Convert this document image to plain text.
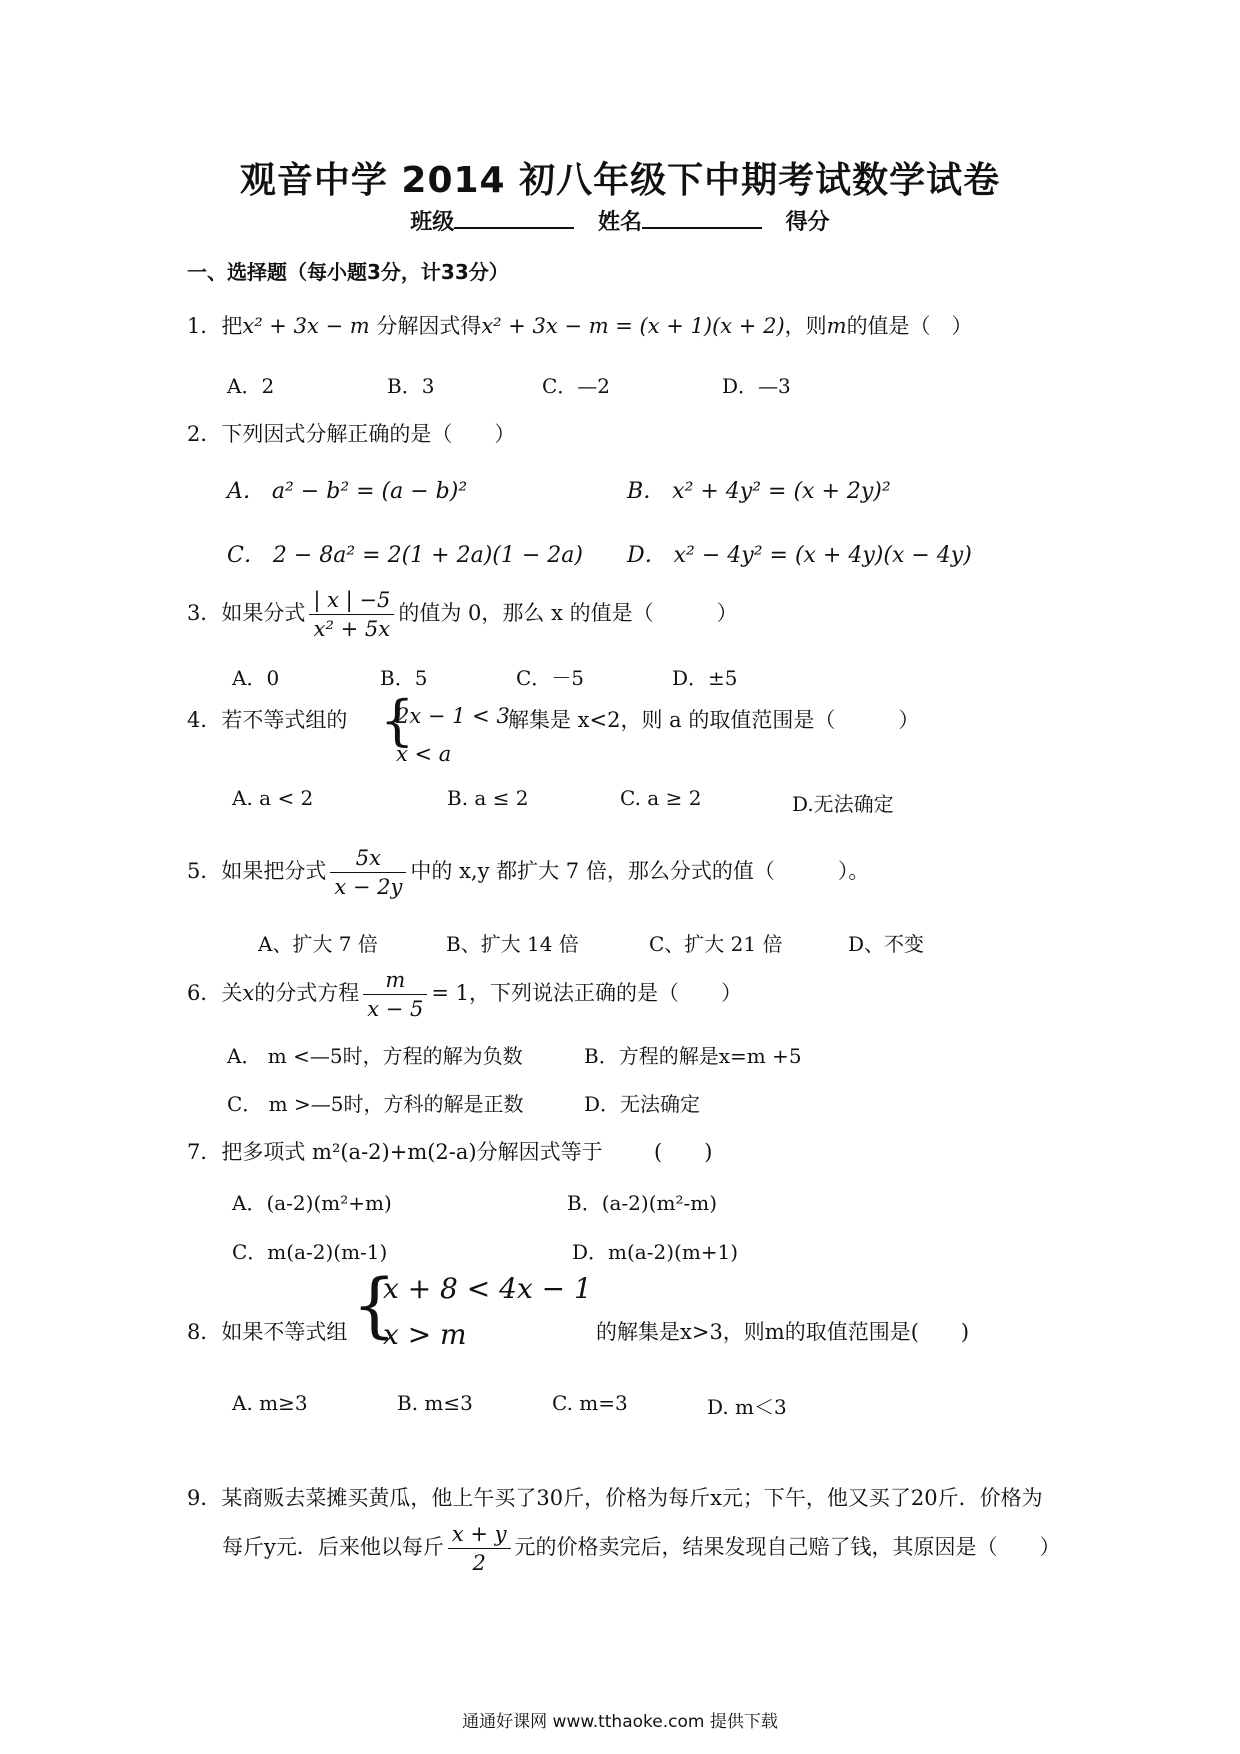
观音中学 2014 初八年级下中期考试数学试卷
班级	姓名	得分
一、选择题（每小题3分，计33分）
1．把x² + 3x − m 分解因式得x² + 3x − m = (x + 1)(x + 2)，则m的值是（　）
A．2	B．3	C．—2	D．—3
2．下列因式分解正确的是（　　）
A． a² − b² = (a − b)²	B． x² + 4y² = (x + 2y)²
C． 2 − 8a² = 2(1 + 2a)(1 − 2a) D． x² − 4y² = (x + 4y)(x − 4y)
3．如果分式 $\frac{| x | -5}{\text{x² + 5x}}$ 的值为 0，那么 x 的值是（　　　）
A．0	B．5	C．－5	D．±5
4．若不等式组的 {
2x − 1 < 3
x < a
解集是 x<2，则 a 的取值范围是（　　　）
A. a < 2	B. a ≤ 2	C. a ≥ 2	D.无法确定
5．如果把分式 $\frac{5x}{x - 2y}$ 中的 x,y 都扩大 7 倍，那么分式的值（　　　）。
A、扩大 7 倍	B、扩大 14 倍	C、扩大 21 倍	D、不变
6．关x的分式方程 $\frac{m}{x - 5} = 1$，下列说法正确的是（　　）
A． m <—5时，方程的解为负数	B．方程的解是x=m +5
C． m >—5时，方科的解是正数	D．无法确定
7．把多项式 m²(a-2)+m(2-a)分解因式等于 (　　)
A．(a-2)(m²+m)	B．(a-2)(m²-m)
C．m(a-2)(m-1)	D．m(a-2)(m+1)
8．如果不等式组 {
x + 8 < 4x − 1
x > m	的解集是x>3，则m的取值范围是(　　)
A. m≥3	B. m≤3	C. m=3	D. m＜3
9．某商贩去菜摊买黄瓜，他上午买了30斤，价格为每斤x元；下午，他又买了20斤．价格为
每斤y元．后来他以每斤 $\frac{x + y}{2}$ 元的价格卖完后，结果发现自己赔了钱，其原因是（　　）
通通好课网 www.tthaoke.com 提供下载
